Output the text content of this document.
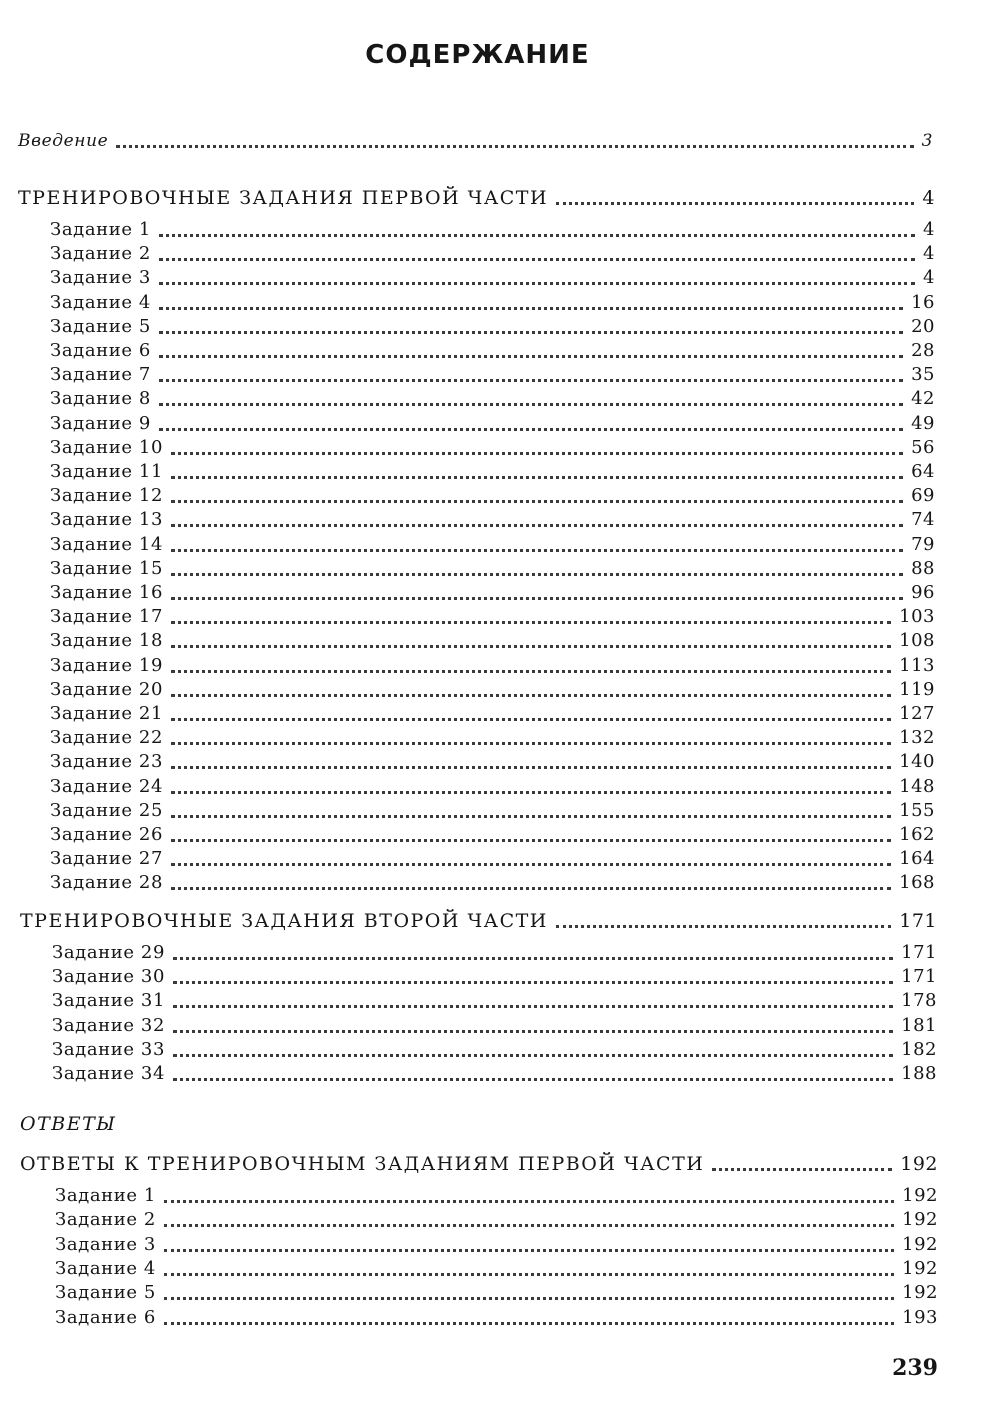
СОДЕРЖАНИЕ
Введение	3
ОТВЕТЫ
239
ТРЕНИРОВОЧНЫЕ ЗАДАНИЯ ПЕРВОЙ ЧАСТИ	4
Задание 1	4
Задание 2	4
Задание 3	4
Задание 4	16
Задание 5	20
Задание 6	28
Задание 7	35
Задание 8	42
Задание 9	49
Задание 10	56
Задание 11	64
Задание 12	69
Задание 13	74
Задание 14	79
Задание 15	88
Задание 16	96
Задание 17	103
Задание 18	108
Задание 19	113
Задание 20	119
Задание 21	127
Задание 22	132
Задание 23	140
Задание 24	148
Задание 25	155
Задание 26	162
Задание 27	164
Задание 28	168
ТРЕНИРОВОЧНЫЕ ЗАДАНИЯ ВТОРОЙ ЧАСТИ	171
Задание 29	171
Задание 30	171
Задание 31	178
Задание 32	181
Задание 33	182
Задание 34	188
ОТВЕТЫ К ТРЕНИРОВОЧНЫМ ЗАДАНИЯМ ПЕРВОЙ ЧАСТИ	192
Задание 1	192
Задание 2	192
Задание 3	192
Задание 4	192
Задание 5	192
Задание 6	193
